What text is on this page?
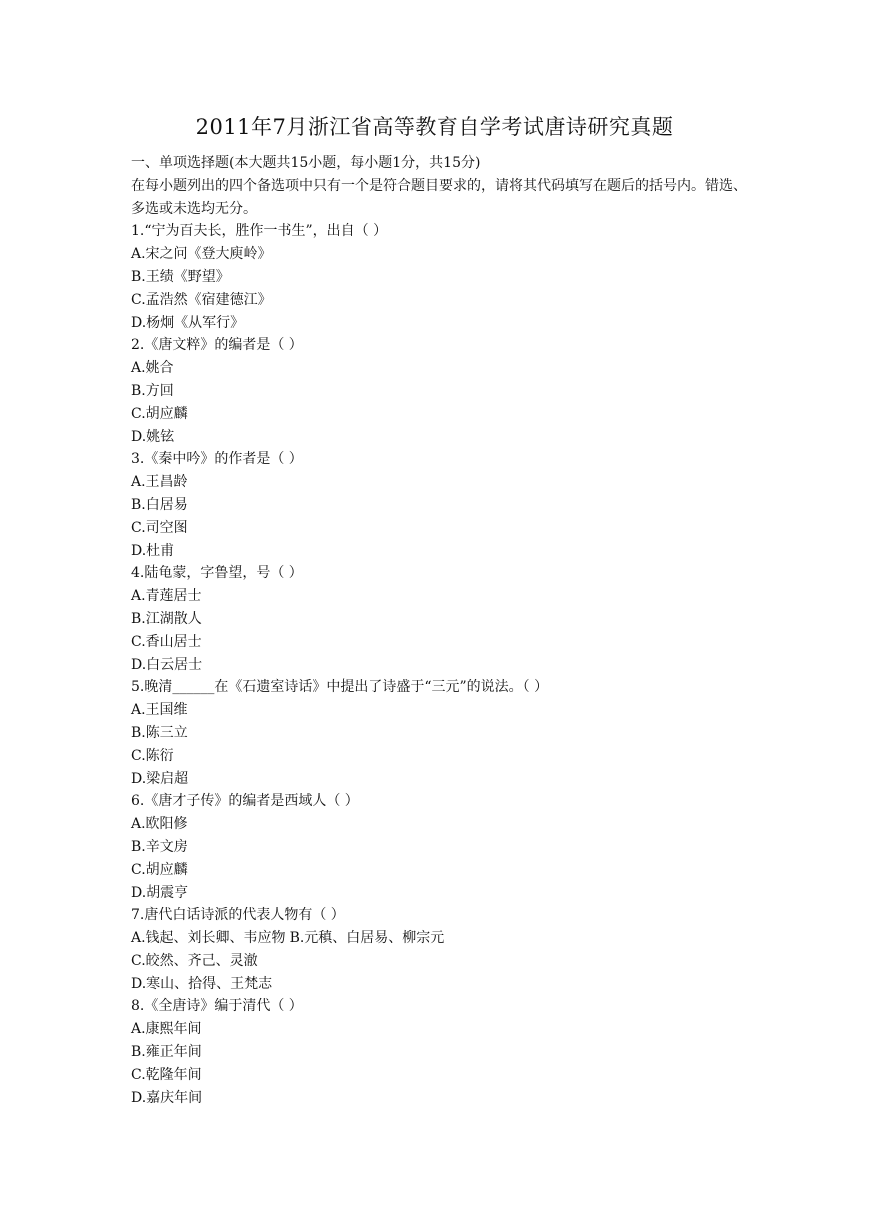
2011年7月浙江省高等教育自学考试唐诗研究真题
一、单项选择题(本大题共15小题，每小题1分，共15分)
在每小题列出的四个备选项中只有一个是符合题目要求的，请将其代码填写在题后的括号内。错选、多选或未选均无分。
1.“宁为百夫长，胜作一书生”，出自（ ）
A.宋之问《登大庾岭》
B.王绩《野望》
C.孟浩然《宿建德江》
D.杨炯《从军行》
2.《唐文粹》的编者是（ ）
A.姚合
B.方回
C.胡应麟
D.姚铉
3.《秦中吟》的作者是（ ）
A.王昌龄
B.白居易
C.司空图
D.杜甫
4.陆龟蒙，字鲁望，号（ ）
A.青莲居士
B.江湖散人
C.香山居士
D.白云居士
5.晚清______在《石遗室诗话》中提出了诗盛于“三元”的说法。（ ）
A.王国维
B.陈三立
C.陈衍
D.梁启超
6.《唐才子传》的编者是西域人（ ）
A.欧阳修
B.辛文房
C.胡应麟
D.胡震亨
7.唐代白话诗派的代表人物有（ ）
A.钱起、刘长卿、韦应物 B.元稹、白居易、柳宗元
C.皎然、齐己、灵澈
D.寒山、拾得、王梵志
8.《全唐诗》编于清代（ ）
A.康熙年间
B.雍正年间
C.乾隆年间
D.嘉庆年间
